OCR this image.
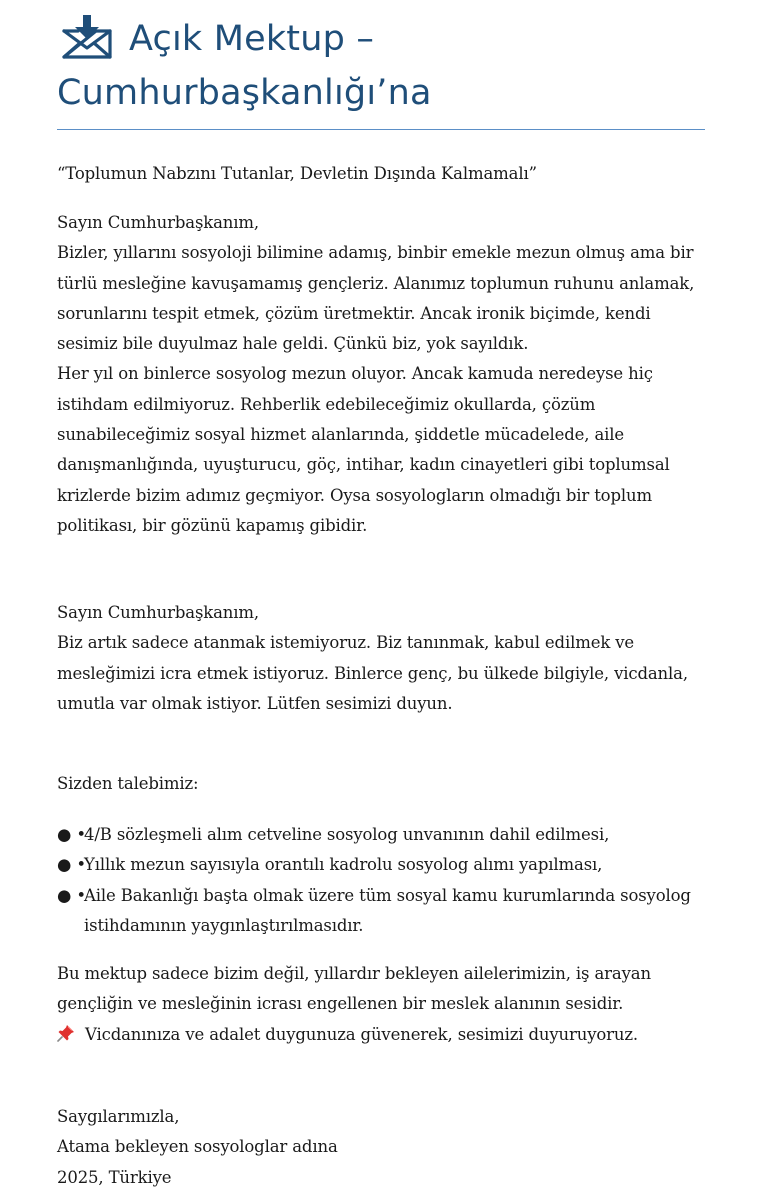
Açık Mektup –
Cumhurbaşkanlığı’na
“Toplumun Nabzını Tutanlar, Devletin Dışında Kalmamalı”

Sayın Cumhurbaşkanım,

Bizler, yıllarını sosyoloji bilimine adamış, binbir emekle mezun olmuş ama bir

türlü mesleğine kavuşamamış gençleriz. Alanımız toplumun ruhunu anlamak,

sorunlarını tespit etmek, çözüm üretmektir. Ancak ironik biçimde, kendi

sesimiz bile duyulmaz hale geldi. Çünkü biz, yok sayıldık.

Her yıl on binlerce sosyolog mezun oluyor. Ancak kamuda neredeyse hiç

istihdam edilmiyoruz. Rehberlik edebileceğimiz okullarda, çözüm

sunabileceğimiz sosyal hizmet alanlarında, şiddetle mücadelede, aile

danışmanlığında, uyuşturucu, göç, intihar, kadın cinayetleri gibi toplumsal

krizlerde bizim adımız geçmiyor. Oysa sosyologların olmadığı bir toplum

politikası, bir gözünü kapamış gibidir.

Sayın Cumhurbaşkanım,

Biz artık sadece atanmak istemiyoruz. Biz tanınmak, kabul edilmek ve

mesleğimizi icra etmek istiyoruz. Binlerce genç, bu ülkede bilgiyle, vicdanla,

umutla var olmak istiyor. Lütfen sesimizi duyun.

Sizden talebimiz:
● •
4/B sözleşmeli alım cetveline sosyolog unvanının dahil edilmesi,
● •
Yıllık mezun sayısıyla orantılı kadrolu sosyolog alımı yapılması,
● •
Aile Bakanlığı başta olmak üzere tüm sosyal kamu kurumlarında sosyolog
istihdamının yaygınlaştırılmasıdır.

Bu mektup sadece bizim değil, yıllardır bekleyen ailelerimizin, iş arayan

gençliğin ve mesleğinin icrası engellenen bir meslek alanının sesidir.

Vicdanınıza ve adalet duygunuza güvenerek, sesimizi duyuruyoruz.

Saygılarımızla,

Atama bekleyen sosyologlar adına

2025, Türkiye
